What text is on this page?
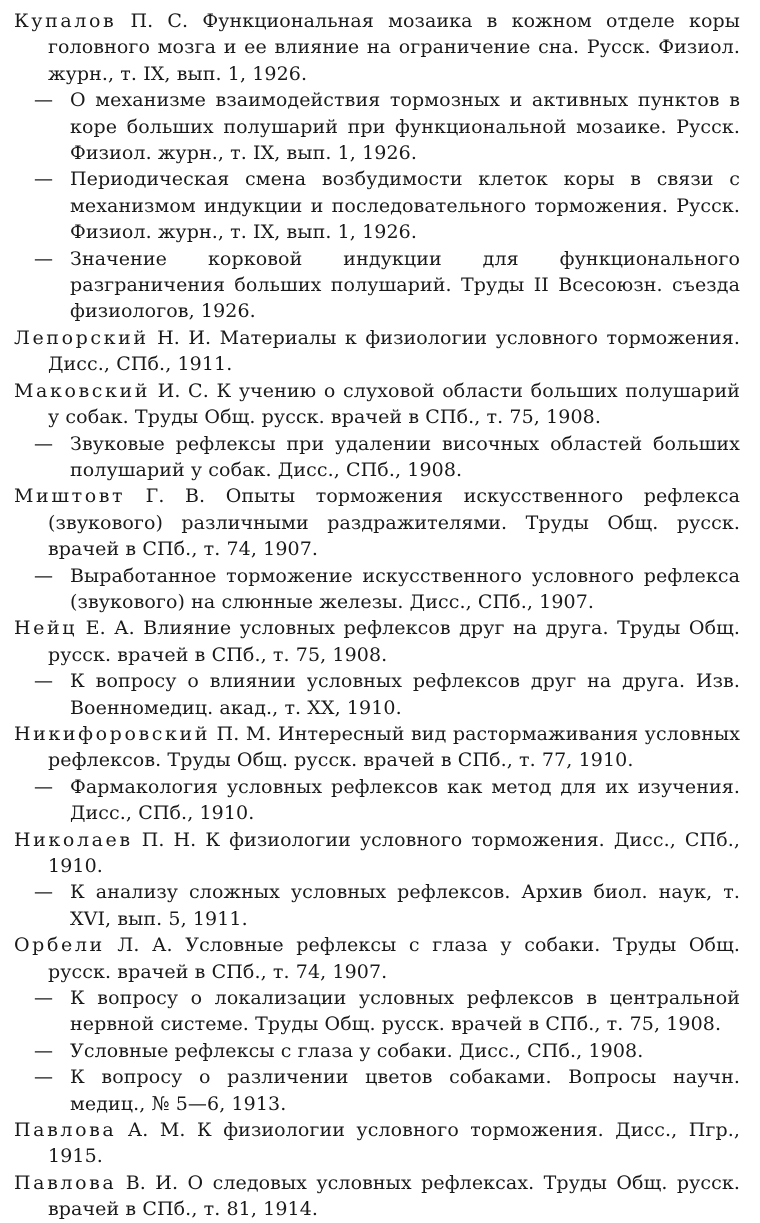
Купалов П. С. Функциональная мозаика в кожном отделе коры головного мозга и ее влияние на ограничение сна. Русск. Физиол. журн., т. IX, вып. 1, 1926.

— О механизме взаимодействия тормозных и активных пунктов в коре больших полушарий при функциональной мозаике. Русск. Физиол. журн., т. IX, вып. 1, 1926.

— Периодическая смена возбудимости клеток коры в связи с механизмом индукции и последовательного торможения. Русск. Физиол. журн., т. IX, вып. 1, 1926.

— Значение корковой индукции для функционального разграничения больших полушарий. Труды II Всесоюзн. съезда физиологов, 1926.

Лепорский Н. И. Материалы к физиологии условного торможения. Дисс., СПб., 1911.

Маковский И. С. К учению о слуховой области больших полушарий у собак. Труды Общ. русск. врачей в СПб., т. 75, 1908.

— Звуковые рефлексы при удалении височных областей больших полушарий у собак. Дисс., СПб., 1908.

Миштовт Г. В. Опыты торможения искусственного рефлекса (звукового) различными раздражителями. Труды Общ. русск. врачей в СПб., т. 74, 1907.

— Выработанное торможение искусственного условного рефлекса (звукового) на слюнные железы. Дисс., СПб., 1907.

Нейц Е. А. Влияние условных рефлексов друг на друга. Труды Общ. русск. врачей в СПб., т. 75, 1908.

— К вопросу о влиянии условных рефлексов друг на друга. Изв. Военномедиц. акад., т. XX, 1910.

Никифоровский П. М. Интересный вид растормаживания условных рефлексов. Труды Общ. русск. врачей в СПб., т. 77, 1910.

— Фармакология условных рефлексов как метод для их изучения. Дисс., СПб., 1910.

Николаев П. Н. К физиологии условного торможения. Дисс., СПб., 1910.

— К анализу сложных условных рефлексов. Архив биол. наук, т. XVI, вып. 5, 1911.

Орбели Л. А. Условные рефлексы с глаза у собаки. Труды Общ. русск. врачей в СПб., т. 74, 1907.

— К вопросу о локализации условных рефлексов в центральной нервной системе. Труды Общ. русск. врачей в СПб., т. 75, 1908.

— Условные рефлексы с глаза у собаки. Дисс., СПб., 1908.

— К вопросу о различении цветов собаками. Вопросы научн. медиц., № 5—6, 1913.

Павлова А. М. К физиологии условного торможения. Дисс., Пгр., 1915.

Павлова В. И. О следовых условных рефлексах. Труды Общ. русск. врачей в СПб., т. 81, 1914.
